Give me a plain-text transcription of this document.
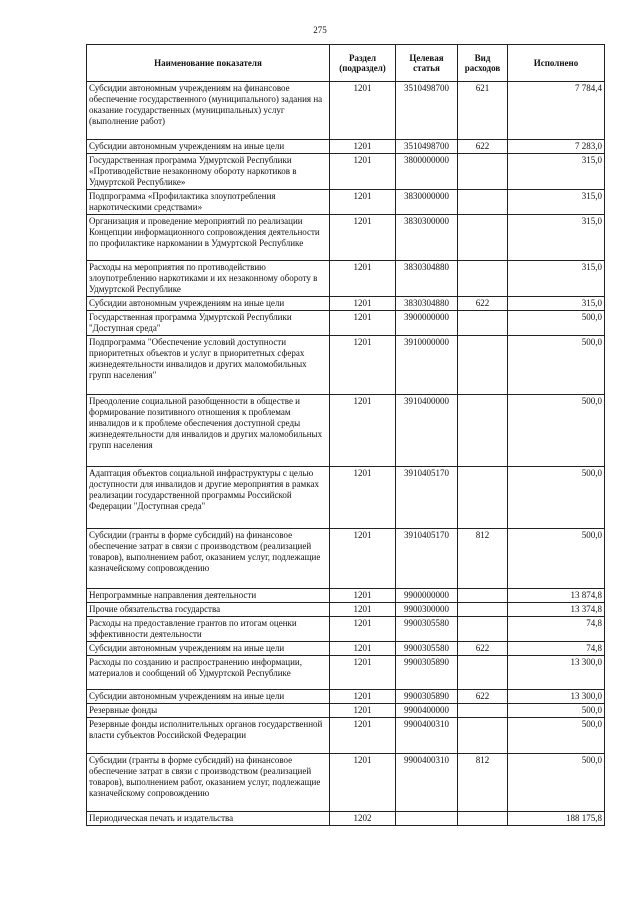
275
Наименование показателя	Раздел (подраздел)	Целевая статья	Вид расходов	Исполнено
Субсидии автономным учреждениям на финансовое обеспечение государственного (муниципального) задания на оказание государственных (муниципальных) услуг (выполнение работ)	1201	3510498700	621	7 784,4
Субсидии автономным учреждениям на иные цели	1201	3510498700	622	7 283,0
Государственная программа Удмуртской Республики «Противодействие незаконному обороту наркотиков в Удмуртской Республике»	1201	3800000000		315,0
Подпрограмма «Профилактика злоупотребления наркотическими средствами»	1201	3830000000		315,0
Организация и проведение мероприятий по реализации Концепции информационного сопровождения деятельности по профилактике наркомании в Удмуртской Республике	1201	3830300000		315,0
Расходы на мероприятия по противодействию злоупотреблению наркотиками и их незаконному обороту в Удмуртской Республике	1201	3830304880		315,0
Субсидии автономным учреждениям на иные цели	1201	3830304880	622	315,0
Государственная программа Удмуртской Республики "Доступная среда"	1201	3900000000		500,0
Подпрограмма "Обеспечение условий доступности приоритетных объектов и услуг в приоритетных сферах жизнедеятельности инвалидов и других маломобильных групп населения"	1201	3910000000		500,0
Преодоление социальной разобщенности в обществе и формирование позитивного отношения к проблемам инвалидов и к проблеме обеспечения доступной среды жизнедеятельности для инвалидов и других маломобильных групп населения	1201	3910400000		500,0
Адаптация объектов социальной инфраструктуры с целью доступности для инвалидов и другие мероприятия в рамках реализации государственной программы Российской Федерации "Доступная среда"	1201	3910405170		500,0
Субсидии (гранты в форме субсидий) на финансовое обеспечение затрат в связи с производством (реализацией товаров), выполнением работ, оказанием услуг, подлежащие казначейскому сопровождению	1201	3910405170	812	500,0
Непрограммные направления деятельности	1201	9900000000		13 874,8
Прочие обязательства государства	1201	9900300000		13 374,8
Расходы на предоставление грантов по итогам оценки эффективности деятельности	1201	9900305580		74,8
Субсидии автономным учреждениям на иные цели	1201	9900305580	622	74,8
Расходы по созданию и распространению информации, материалов и сообщений об Удмуртской Республике	1201	9900305890		13 300,0
Субсидии автономным учреждениям на иные цели	1201	9900305890	622	13 300,0
Резервные фонды	1201	9900400000		500,0
Резервные фонды исполнительных органов государственной власти субъектов Российской Федерации	1201	9900400310		500,0
Субсидии (гранты в форме субсидий) на финансовое обеспечение затрат в связи с производством (реализацией товаров), выполнением работ, оказанием услуг, подлежащие казначейскому сопровождению	1201	9900400310	812	500,0
Периодическая печать и издательства	1202			188 175,8
